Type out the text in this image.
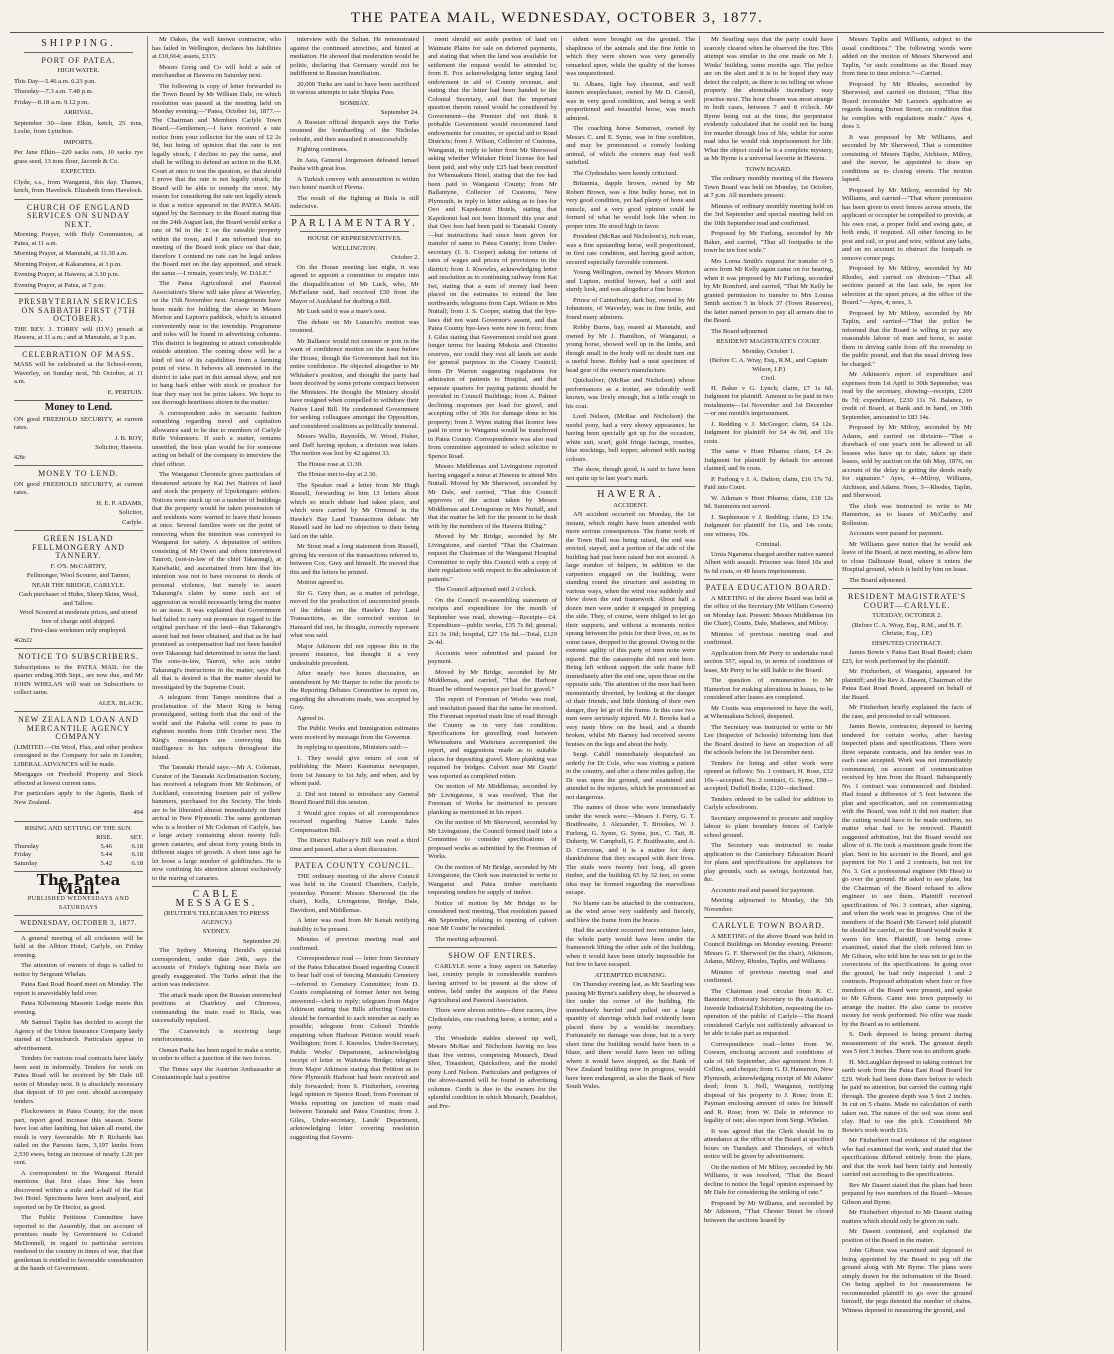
THE PATEA MAIL, WEDNESDAY, OCTOBER 3, 1877.
SHIPPING.
PORT OF PATEA.
HIGH WATER.
This Day—5.46 a.m. 6.23 p.m.
Thursday—7.3 a.m. 7.48 p.m.
Friday—8.18 a.m. 9.12 p.m.
ARRIVAL.
September 30—Jane Elkin, ketch, 25 tons, Leslie, from Lyttelton.
IMPORTS.
Per Jane Elkin—220 sacks oats, 10 sacks rye grass seed, 13 tons flour, Jacomb & Co.
EXPECTED.
Clyde, s.s., from Wanganui, this day. Thames, ketch, from Havelock. Elizabeth from Havelock.
CHURCH OF ENGLAND SERVICES ON SUNDAY NEXT.
Morning Prayer, with Holy Communion, at Patea, at 11 a.m.
Morning Prayer, at Manutahi, at 11.30 a.m.
Morning Prayer, at Kakaramea, at 3 p.m.
Evening Prayer, at Hawera, at 3.30 p.m.
Evening Prayer, at Patea, at 7 p.m.
PRESBYTERIAN SERVICES ON SABBATH FIRST (7TH OCTOBER).
THE REV. J. TORRY will (D.V.) preach at Hawera, at 11 a.m.; and at Manutahi, at 3 p.m.
CELEBRATION OF MASS.
MASS will be celebrated at the School-room, Waverley, on Sunday next, 7th October, at 11 a.m.
E. PERTUIS.
Money to Lend.
ON good FREEHOLD SECURITY, at current rates.
J. B. ROY,
Solicitor, Hawera.
428c
MONEY TO LEND.
ON good FREEHOLD SECURITY, at current rates.
H. E. P. ADAMS,
Solicitor,
Carlyle.
GREEN ISLAND FELLMONGERY AND TANNERY.
F. O'S. McCARTHY,
Fellmonger, Wool Scourer, and Tanner,
NEAR THE BRIDGE, CARLYLE.
Cash purchaser of Hides, Sheep Skins, Wool, and Tallow.
Wool Scoured at moderate prices, and stored free of charge until shipped.
First-class workmen only employed.
462n22
NOTICE TO SUBSCRIBERS.
Subscriptions to the PATEA MAIL for the quarter ending 30th Sept., are now due, and Mr JOHN WHELAN will wait on Subscribers to collect same.
ALEX. BLACK.
NEW ZEALAND LOAN AND MERCANTILE AGENCY COMPANY
(LIMITED.—On Wool, Flax, and other produce consigned to the Company for sale in London, LIBERAL ADVANCES will be made.
Mortgages on Freehold Property and Stock effected at lowest current rates.
For particulars apply to the Agents, Bank of New Zealand.
494
RISING AND SETTING OF THE SUN.
	RISE.	SET.
Thursday	5.46	6.18
Friday	5.44	6.18
Saturday	5.42	6.18
The Patea Mail.
PUBLISHED WEDNESDAYS AND SATURDAYS
WEDNESDAY, OCTOBER 3, 1877.

A general meeting of all cricketers will be held at the Albion Hotel, Carlyle, on Friday evening.

The attention of owners of dogs is called to notice by Sergeant Whelan.

Patea East Road Board meet on Monday. The report is unavoidably held over.

Patea Kilwinning Masonic Lodge meets this evening.

Mr Samuel Taplin has decided to accept the Agency of the Union Insurance Company lately started at Christchurch. Particulars appear in advertisement.

Tenders for various road contracts have lately been sent in informally. Tenders for work on Patea Road will be received by Mr Dale till noon of Monday next. It is absolutely necessary that deposit of 10 per cent. should accompany tenders.

Flockowners in Patea County, for the most part, report good increase this season. Some have lost after lambing, but taken all round, the result is very favourable. Mr P. Richards has tailed on the Parsons farm, 3,197 lambs from 2,530 ewes, being an increase of nearly 1.26 per cent.

A correspondent in the Wanganui Herald mentions that first class lime has been discovered within a mile and a-half of the Kai Iwi Hotel. Specimens have been analysed, and reported on by Dr Hector, as good.

The Public Petitions Committee have reported to the Assembly, that on account of promises made by Government to Colonel McDonnell, in regard to particular services rendered to the country in times of war, that that gentleman is entitled to favourable consideration at the hands of Government.

Mr Oakes, the well known contractor, who has failed in Wellington, declares his liabilities at £10,664; assets, £315.

Messrs Greig and Co will hold a sale of merchandise at Hawera on Saturday next.

The following is copy of letter forwarded to the Town Board by Mr William Dale, on which resolution was passed at the meeting held on Monday evening:—"Patea, October 1st, 1877.—The Chairman and Members Carlyle Town Board.—Gentlemen,—I have received a rate notice from your collector for the sum of £2 2s 9d, but being of opinion that the rate is not legally struck, I decline to pay the same, and shall be willing to defend an action in the R.M. Court at once to test the question, so that should I prove that the rate is not legally struck, the Board will be able to remedy the error. My reason for considering the rate not legally struck is that a notice appeared in the PATEA MAIL signed by the Secretary to the Board stating that on the 24th August last, the Board would strike a rate of 9d in the £ on the rateable property within the town, and I am informed that no meeting of the Board took place on that date, therefore I contend no rate can be legal unless the Board met on the day appointed, and struck the same.—I remain, yours truly, W. DALE."

The Patea Agricultural and Pastoral Association's Show will take place at Waverley, on the 15th November next. Arrangements have been made for holding the show in Messrs Morton and Lupton's paddock, which is situated conveniently near to the township. Programme and rules will be found in advertising columns. This district is beginning to attract considerable outside attention. The coming show will be a kind of test of its capabilities from a farming point of view. It behoves all interested in the district to take part in this annual show, and not to hang back either with stock or produce for fear they may not be prize takers. We hope to see thorough heartiness shown in the matter.

A correspondent asks in sarcastic fashion something regarding travel and capitation allowance said to be due to members of Carlyle Rifle Volunteers. If such a matter, remains unsettled, the best plan would be for someone acting on behalf of the company to interview the chief officer.

The Wanganui Chronicle gives particulars of threatened seizure by Kai Iwi Natives of land and stock the property of Upokongaro settlers. Notices were stuck up on a number of buildings that the property would be taken possession of and residents were warned to leave their houses at once. Several families were on the point of removing when the intention was conveyed to Wanganui for safety. A deputation of settlers consisting of Mr Owen and others interviewed Tauroti, (son-in-law of the chief Takarangi), at Kaiwhaiki, and ascertained from him that his intention was not to have recourse to deeds of personal violence, but merely to assert Takarangi's claim by some such act of aggression as would necessarily bring the matter to an issue. It was explained that Government had failed to carry out promises in regard to the original purchase of the land—that Takarangi's assent had not been obtained, and that as he had promised as compensation had not been handed over Takarangi had determined to seize the land. The sons-in-law, Tauroti, who acts under Takarangi's instructions in the matter, says that all that is desired is that the matter should be investigated by the Supreme Court.

A telegram from Tampo mentions that a proclamation of the Maori King is being promulgated, setting forth that the end of the world and the Pakeha will come to pass in eighteen months from 10th October next. The King's messengers are conveying this intelligence to his subjects throughout the Island.

The Taranaki Herald says:—Mr A. Coleman, Curator of the Taranaki Acclimatisation Society, has received a telegram from Mr Robinson, of Auckland, concerning fourteen pair of yellow hammers, purchased for the Society. The birds are to be liberated almost immediately on their arrival in New Plymouth. The same gentleman who is a brother of Mr Coleman of Carlyle, has a large aviary containing about twenty full-grown canaries, and about forty young birds in different stages of growth. A short time ago he let loose a large number of goldfinches. He is now confining his attention almost exclusively to the rearing of canaries.

CABLE MESSAGES.
(REUTER'S TELEGRAMS TO PRESS AGENCY.)
SYDNEY.
September 29.

The Sydney Morning Herald's special correspondent, under date 24th, says the accounts of Friday's fighting near Biela are greatly exaggerated. The Turks admit that the action was indecisive.

The attack made upon the Russian entrenched positions at Chairkioy and Chirnova, commanding the main road to Biela, was successfully repulsed.

The Czarewitch is receiving large reinforcements.

Osman Pasha has been urged to make a sortie, in order to effect a junction of the two forces.

The Times says the Austrian Ambassador at Constantinople had a positive

interview with the Sultan. He remonstrated against the continued atrocities, and hinted at mediation. He showed that moderation would be politic, declaring that Germany would not be indifferent to Russian humiliation.

20,000 Turks are said to have been sacrificed in various attempts to take Shipka Pass.

BOMBAY.
September 24.

A Russian official despatch says the Turks resumed the bombarding of the Nicholas redoubt, and then assaulted it unsuccessfully.

Fighting continues.

In Asia, General Jorgenssen defeated Ismael Pasha with great loss.

A Turkish convoy with ammunition is within two hours' march of Plevna.

The result of the fighting at Biela is still indecisive.

PARLIAMENTARY.
HOUSE OF REPRESENTATIVES.
WELLINGTON.
October 2.

On the House meeting last night, it was agreed to appoint a committee to enquire into the disqualification of Mr Luck, who, Mr McFarlane said, had received £50 from the Mayor of Auckland for drafting a Bill.

Mr Lusk said it was a mare's nest.

The debate on Mr Lunarch's motion was resumed.

Mr Ballance would not censure or join in the want of confidence motion on the issue before the House, though the Government had not his entire confidence. He objected altogether to Mr Whitaker's position, and thought the party had been deceived by some private compact between the Ministers. He thought the Ministry should have resigned when compelled to withdraw their Native Land Bill. He condemned Government for seeking colleagues amongst the Opposition, and considered coalitions as politically immoral.

Messrs Wallis, Reynolds, W. Wood, Fisher, and Daff having spoken, a division was taken. The motion was lost by 42 against 33.

The House rose at 11.30.

The House met to-day at 2.30.

The Speaker read a letter from Mr Hugh Russell, forwarding to him 13 letters about which so much debate had taken place, and which were carried by Mr Ormond in the Hawke's Bay Land Transactions debate. Mr Russell said he had no objection to their being laid on the table.

Mr Stout read a long statement from Russell, giving his version of the transactions referred to, between Cox, Grey and himself. He moved that this and the letters be printed.

Motion agreed to.

Sir G. Grey then, as a matter of privilege, moved for the production of uncorrected proofs of the debate on the Hawke's Bay Land Transactions, as the corrected version in Hansard did not, he thought, correctly represent what was said.

Major Atkinson did not oppose this in the present instance, but thought it a very undesirable precedent.

After nearly two hours discussion, an amendment by Mr Harper to refer the proofs to the Reporting Debates Committee to report on, regarding the alterations made, was accepted by Grey.

Agreed to.

The Public Works and Immigration estimates were received by message from the Governor.

In replying to questions, Ministers said:—

1. They would give return of cost of publishing the Maori Kaumatua newspaper, from 1st January to 1st July, and when, and by whom paid.

2. Did not intend to introduce any General Board Board Bill this session.

3 Would give copies of all correspondence received regarding Native Lands Sales Compensation Bill.

The District Railway's Bill was read a third time and passed, after a short discussion.

PATEA COUNTY COUNCIL.

THE ordinary meeting of the above Council was held in the Council Chambers, Carlyle, yesterday. Present: Messrs Sherwood (in the chair), Kells, Livingstone, Bridge, Dale, Davidson, and Middlemas.

A letter was read from Mr Kenah notifying inability to be present.

Minutes of previous meeting read and confirmed.

Correspondence read — letter from Secretary of the Patea Education Board regarding Council to bear half cost of fencing Manutahi Cemetery—referred to Cemetery Committee; from D. Coutts complaining of former letter not being answered—clerk to reply; telegram from Major Atkinson stating that Bills affecting Counties should be forwarded to each member as early as possible; telegram from Colonel Trimble enquiring when Harbour Petition would reach Wellington; from J. Knowles, Under-Secretary, Public Works' Department, acknowledging receipt of letter re Waitotara Bridge; telegram from Major Atkinson stating that Petition as to New Plymouth Harbour had been received and duly forwarded; from S. Fitzherbert, covering legal opinion re Spence Road; from Foreman of Works reporting on junction of main road between Taranaki and Patea Counties; from J. Giles, Under-secretary, Lands' Department, acknowledging letter covering resolution suggesting that Govern-

ment should set aside portion of land on Waimate Plains for sale on deferred payments, and stating that when the land was available for settlement the request would be attended to; from E. Fox acknowledging letter urging land endowment in aid of County revenue, and stating that the letter had been handed to the Colonial Secretary, and that the important question therein raised would be considered by Government—the Premier did not think it probable Government would recommend land endowments for counties, or special aid to Road Districts; from J. Wilson, Collector of Customs, Wanganui, in reply to letter from Mr Sherwood asking whether Whitaker Hotel license fee had been paid, and why only £25 had been remitted for Whenuakura Hotel, stating that the fee had been paid to Wanganui County; from Mr Ballantyne, Collector of Customs, New Plymouth, in reply to letter asking as to fees for Oeo and Kapokonui Hotels, stating that Kapokonui had not been licensed this year and that Oeo fees had been paid to Taranaki County—but instructions had since been given for transfer of same to Patea County; from Under-secretary (J. S. Cooper) asking for returns of rates of wages and prices of provisions in the district; from J. Knowles, acknowledging letter and resolution as to continuing railway from Kai Iwi, stating that a sum of money had been placed on the estimates to extend the line northwards; telegrams from Capt. Wilson re Mrs Nuttall; from J. S. Cooper, stating that the bye-laws did not want Governor's assent, and that Patea County bye-laws were now in force; from J. Giles stating that Government could not grant longer terms for leasing Mokoia and Otoreito reserves, nor could they vest all lands set aside for general purposes in the County Council; from Dr Warren suggesting regulations for admission of patients to Hospital, and that separate quarters for paying patients should be provided in Council Buildings; from A. Palmer declining responses per load for gravel, and accepting offer of 30s for damage done to his property; from J. Wynn stating that licence fees paid in error to Wanganui would be transferred to Patea County. Correspondence was also read from committee appointed to select solicitor re Spence Road.

Messrs Middlemas and Livingstone reported having engaged a nurse at Hawera to attend Mrs Nuttall. Moved by Mr Sherwood, seconded by Mr Dale, and carried, "That this Council approves of the action taken by Messrs Middlemas and Livingstone re Mrs Nuttall, and that the matter be left for the present to be dealt with by the members of the Hawera Riding."

Moved by Mr Bridge, seconded by Mr Livingstone, and carried "That the Chairman request the Chairman of the Wanganui Hospital Committee to reply this Council with a copy of their regulations with respect to the admission of patients."

The Council adjourned until 2 o'clock.

On the Council re-assembling statement of receipts and expenditure for the month of September was read, showing:—Receipts—£4. Expenditure—public works, £35 7s 8d; general, £21 3s 10d; hospital, £27 15s 8d.—Total, £129 2s 4d.

Accounts were submitted and passed for payment.

Moved by Mr Bridge, seconded by Mr Middlemas, and carried, "That the Harbour Board be offered twopence per load for gravel."

The report of Foreman of Works was read, and resolution passed that the same be received. The Foreman reported main line of road through the County as in very fair condition. Specifications for gravelling road between Whenuakura and Waitotara accompanied the report, and suggestions made as to suitable places for depositing gravel. More planking was required for bridges. Culvert near Mr Coutts' was reported as completed rotten.

On motion of Mr Middlemas, seconded by Mr Livingstone, it was resolved, That the Foreman of Works be instructed to procure planking as mentioned in his report.

On the motion of Mr Sherwood, seconded by Mr Livingstone, the Council formed itself into a Committee to consider specifications of proposed works as submitted by the Foreman of Works.

On the motion of Mr Bridge, seconded by Mr Livingstone, the Clerk was instructed to write to Wanganui and Patea timber merchants requesting tenders for supply of timber.

Notice of motion by Mr Bridge to be considered next meeting, That resolution passed 4th September, relating to opening of culvert near Mr Coutts' be rescinded.

The meeting adjourned.

SHOW OF ENTIRES.

CARLYLE wore a busy aspect on Saturday last, country people in considerable numbers having arrived to be present at the show of entires, held under the auspices of the Patea Agricultural and Pastoral Association.

There were eleven entries—three racers, five Clydesdales, one coaching horse, a trotter, and a pony.

The Woodside stables showed up well, Messrs McRae and Nicholson having no less than five entries, comprising Monarch, Dead Shot, Treasident, Quicksilver, and the model pony Lord Nelson. Particulars and pedigrees of the above-named will be found in advertising columns. Credit is due to the owners for the splendid condition in which Monarch, Deadshot, and Pre-

sident were brought on the ground. The shapliness of the animals and the fine fettle in which they were shown was very generally remarked upon, while the quality of the horses was unquestioned.

St. Albans, light bay chestnut, and well known steeplechaser, owned by Mr D. Carroll, was in very good condition, and being a well proportioned and beautiful horse, was much admired.

The coaching horse Somerset, owned by Messrs C. and E. Syme, was in fine condition, and may be pronounced a comely looking animal, of which the owners may feel well satisfied.

The Clydesdales were keenly criticised.

Britannia, dapple brown, owned by Mr Robert Brown, was a fine bulky horse, not in very good condition, yet had plenty of bone and muscle, and a very good opinion could be formed of what he would look like when in proper trim. He stood high in favor.

President (McRae and Nicholson's), rich roan, was a fine upstanding horse, well proportioned, in first rate condition, and having good action, secured especially favorable comment.

Young Wellington, owned by Messrs Morton and Lupton, mottled brown, had a stiff and sturdy look, and was altogether a fine horse.

Prince of Canterbury, dark bay, owned by Mr Johnstone, of Waverley, was in fine fettle, and found many admirers.

Robby Burns, bay, reared at Manutahi, and owned by Mr J. Hamilton, of Wanganui, a young horse, showed well up in the limbs, and though small in the body will no doubt turn out a useful horse. Bobby had a neat specimen of head gear of the owner's manufacture.

Quicksilver, (McRae and Nicholson) whose performances as a trotter, are tolerably well known, was lively enough, but a little rough in his coat.

Lord Nelson, (McRae and Nicholson) the model pony, had a very showy appearance, he having been specially got up for the occasion, white suit, scarf, gold fringe facings, rosettes, blue stockings, bell topper, adorned with racing colours.

The show, though good, is said to have been not quite up to last year's mark.

HAWERA.
ACCIDENT.

AN accident occurred on Monday, the 1st instant, which might have been attended with more serious consequences. The frame work of the Town Hall was being raised, the end was erected, stayed, and a portion of the side of the building had just been raised but not secured. A large number of helpers, in addition to the carpenters engaged on the building, were standing round the structure and assisting in various ways, when the wind rose suddenly and blew down the end framework. About half a dozen men were under it engaged in propping the side. They, of course, were obliged to let go their supports, and without a moments notice sprang between the joists for their lives, or, as in some cases, dropped to the ground. Owing to the extreme agility of this party of men none were injured. But the catastrophe did not end here. Being left without support the side frame fell immediately after the end one, upon those on the opposite side. The attention of the men had been momentarily diverted, by looking at the danger of their friends, and little thinking of their own danger, they let go of the frame. In this case two men were seriously injured. Mr J. Brooks had a very nasty blow on the head, and a thumb broken, whilst Mr Barney had received severe bruises on the legs and about the body.

Sergt. Cahill immediately despatched an orderly for Dr Cole, who was visiting a patient in the country, and after a three miles gallop, the Dr was upon the ground, and examined and attended to the injuries, which he pronounced as not dangerous.

The names of those who were immediately under the wreck were:—Messrs J. Ferry, G. T. Braithwaite, J. Alexander, T. Brookes, W. J. Furlong, G. Syme, G. Syme, jun., C. Tait, B. Doherty, W. Campbell, G. F. Braithwaite, and A. D. Corcoran, and it is a matter for deep thankfulness that they escaped with their lives. The studs were twenty feet long, all green timber, and the building 65 by 32 feet, so some idea may be formed regarding the marvellous escape.

No blame can be attached to the contractors, as the wind arose very suddenly and fiercely, and blew the frame from the braces.

Had the accident occurred two minutes later, the whole party would have been under the framework lifting the other side of the building, when it would have been utterly impossible for but few to have escaped.

ATTEMPTED BURNING.

On Thursday evening last, as Mr Searling was passing Mr Byrne's saddlery shop, he observed a fire under the corner of the building. He immediately hurried and pulled out a large quantity of shavings which had evidently been placed there by a would-be incendiary. Fortunately no damage was done, but in a very short time the building would have been in a blaze, and there would have been no telling where it would have stopped, as the Bank of New Zealand building now in progress, would have been endangered, as also the Bank of New South Wales.

Mr Searling says that the party could have scarcely cleared when he observed the fire. This attempt was similar to the one made on Mr J. Winks' building, some months ago. The police are on the alert and it is to be hoped they may detect the culprit, as there is no telling on whose property the abominable incendiary may practise next. The hour chosen was most strange in both cases, between 7 and 8 o'clock. Mr Byrne being out at the time, the perpetrator evidently calculated that he could not be hung for murder through loss of life, whilst for some mad idea he would risk imprisonment for life. What the object could be is a complete mystery, as Mr Byrne is a universal favorite in Hawera.

TOWN BOARD.

The ordinary monthly meeting of the Hawera Town Board was held on Monday, 1st October, at 7 p.m. All members present.

Minutes of ordinary monthly meeting held on the 3rd September and special meeting held on the 10th September read and confirmed.

Proposed by Mr Furlong, seconded by Mr Baker, and carried, "That all footpaths in the town be ten foot wide."

Mrs Lorna Smith's request for transfer of 5 acres from Mr Kelly again came on for hearing, when it was proposed by Mr Furlong, seconded by Mr Romford, and carried, "That Mr Kelly be granted permission to transfer to Mrs Louisa Smith section 5 in block 37 (Town Reserves), the latter named person to pay all arrears due to the Board.

The Board adjourned.

RESIDENT MAGISTRATE'S COURT.
Monday, October 1.
(Before C. A. Wray, Esq., R.M., and Captain Wilson, J.P.)
Civil.

H. Baker v G. Lynch; claim, £7 1s 6d. Judgment for plaintiff. Amount to be paid in two instalments—1st November and 1st December—or one month's imprisonment.

J. Redding v J. McGregor; claim, £4 12s. Judgment for plaintiff for £4 4s 9d, and 11s costs.

The same v Honi Pihama; claim, £4 2s. Judgment for plaintiff by default for amount claimed, and 9s costs.

P. Furlong v J. A. Dalton; claim, £16 17s 7d. Paid into Court.

W. Aikman v Honi Pihama; claim, £18 12s 9d. Summons not served.

J. Stephenson v J. Redding; claim, £3 15s. Judgment for plaintiff for 11s, and 14s costs; one witness, 10s.

Criminal.

Urnia Ngaruma charged another native named Albert with assault. Prisoner was fined 10s and 9s 6d costs, or 48 hours imprisonment.

PATEA EDUCATION BOARD.

A MEETING of the above Board was held at the office of the Secretary (Mr William Cowern) on Monday last. Present: Messrs Middlemas (in the Chair), Coutts, Dale, Mathews, and Milroy.

Minutes of previous meeting read and confirmed.

Application from Mr Perry to undertake rural section 557, equal to, in terms of conditions of lease, Mr Perry to be still liable to the Board.

The question of remuneration to Mr Hamerton for making alterations in leases, to be considered after leases are completed.

Mr Coutts was empowered to have the well, at Whenuakura School, deepened.

The Secretary was instructed to write to Mr Lee (Inspector of Schools) informing him that the Board desired to have an inspection of all the schools before the 1st December next.

Tenders for lining and other work were opened as follows: No. 1 contract, H. Rose, £32 10s—accepted. No. 2 contract, G. Syme, £98—accepted; Duffell Bodie, £120—declined.

Tenders ordered to be called for addition to Carlyle schoolroom.

Secretary empowered to procure and employ labour to plant boundary fences of Carlyle school ground.

The Secretary was instructed to make application to the Canterbury Education Board for plans and specifications for appliances for play grounds, such as swings, horizontal bar, &c.

Accounts read and passed for payment.

Meeting adjourned to Monday, the 5th November.

CARLYLE TOWN BOARD.

A MEETING of the above Board was held in Council Buildings on Monday evening. Present: Messrs G. F. Sherwood (in the chair), Atkinson, Adams, Milroy, Rhodes, Taplin, and Williams.

Minutes of previous meeting read and confirmed.

The Chairman read circular from R. C. Bannister, Honorary Secretary to the Australian Juvenile Industrial Exhibition, requesting the co-operation of the public of Carlyle—The Board considered Carlyle not sufficiently advanced to be able to take part as requested.

Correspondence read—letter from W. Cowern, enclosing account and conditions of sale of 6th September, also agreement from J. Collins, and cheque; from G. D. Hamerton, New Plymouth, acknowledging receipt of Mr Adams' deed; from S. Nell, Wanganui, notifying disposal of his property to J. Rose; from E. Payman enclosing amount of rates for himself and R. Rose; from W. Dale in reference to legality of rate; also report from Sergt. Whelan.

It was agreed that the Clerk should be in attendance at the office of the Board at specified hours on Tuesdays and Thursdays, of which notice will be given by advertisement.

On the motion of Mr Milroy, seconded by Mr Williams, it was resolved, "That the Board decline to notice the 'legal' opinion expressed by Mr Dale for considering the striking of rate."

Proposed by Mr Williams, and seconded by Mr Atkinson, "That Chester Street be closed between the sections leased by

Messrs Taplin and Williams, subject to the usual conditions." The following words were added on the motion of Messrs Sherwood and Taplin, "or such conditions as the Board may from time to time enforce."—Carried.

Proposed by Mr Rhodes, seconded by Sherwood, and carried on division, "That this Board reconsider Mr Larsen's application as regards leasing Dorset Street, on condition that he complies with regulations made." Ayes 4, does 3.

It was proposed by Mr Williams, and seconded by Mr Sherwood, That a committee consisting of Messrs Taplin, Atchison, Milroy, and the mover, be appointed to draw up conditions as to closing streets. The motion lapsed.

Proposed by Mr Milroy, seconded by Mr Williams, and carried—"That where permission has been given to erect fences across streets, the applicant or occupier be compelled to provide, at his own cost, a proper field and swing gate, at both ends, if required. All other fencing to be post and rail, or post and wire, without any laths, and on no account to obstruct the footpath or remove corner pegs.

Proposed by Mr Milroy, seconded by Mr Rhodes, and carried on division—"That all sections passed at the last sale, be open for selection at the upset prices, at the office of the Board."—Ayes, 4; noes, 3.

Proposed by Mr Milroy, seconded by Mr Taplin, and carried—"That the police be informed that the Board is willing to pay any reasonable labour of man and horse, to assist them in driving cattle from off the township to the public pound, and that the usual driving fees be charged."

Mr Atkinson's report of expenditure and expenses from 1st April to 30th September, was read by the secretary, showing—receipts, £209 8s 7d; expenditure, £230 11s 7d. Balance, to credit of Board, at Bank and in hand, on 30th September, amounted to £83 14s.

Proposed by Mr Milroy, seconded by Mr Adams, and carried on division—"That a drawback of one year's rent be allowed to all lessees who have up to date, taken up their leases, sold by auction on the 6th May, 1876, on account of the delay in getting the deeds ready for signature." Ayes, 4—Milroy, Williams, Atchison, and Adams. Noes, 3—Rhodes, Taplin, and Sherwood.

The clerk was instructed to write to Mr Hamerton, as to leases of McCarthy and Rolleston.

Accounts were passed for payment.

Mr Williams gave notice that he would ask leave of the Board, at next meeting, to allow him to close Dalhousie Road, where it enters the Hospital ground, which is held by him on lease.

The Board adjourned.

RESIDENT MAGISTRATE'S COURT—CARLYLE.
TUESDAY, OCTOBER 2.
(Before C. A. Wray, Esq., R.M., and H. F. Christie, Esq., J.P.)
DISPUTED CONTRACT.

James Bowie v Patea East Road Board; claim £25, for work performed by the plaintiff.

Mr Fitzherbert, of Wanganui, appeared for plaintiff; and the Rev A. Dasent, Chairman of the Patea East Road Board, appeared on behalf of the Board.

Mr Fitzherbert briefly explained the facts of the case, and proceeded to call witnesses.

James Bowie, contractor, deposed to having tendered for certain works, after having inspected plans and specifications. There were three separate contracts, and his tender was in each case accepted. Work was not immediately commenced, on account of communication received by him from the Board. Subsequently No. 1 contract was commenced and finished. Had found a difference of 5 feet between the plan and specification, and on communicating with the Board, was told it did not matter; that the cutting would have to be made uniform, no matter what had to be removed. Plaintiff suggested arbitration, but the Board would not allow of it. He took a maximum grade from the plan. Sent in his account to the Board, and got payment for No 1 and 2 contracts, but not for No. 3. Got a professional engineer (Mr Hess) to go over the ground. He asked to see plans, but the Chairman of the Board refused to allow engineer to see them. Plaintiff received specifications of No. 3 contract, after signing, and when the work was in progress. One of the members of the Board (Mr Gower) told plaintiff he should be careful, or the Board would make it warm for him. Plaintiff, on being cross-examined, stated that the clerk referred him to Mr Gibson, who told him he was not to go to the corrections of the specifications. In going over the ground, he had only inspected 1 and 2 contracts. Proposed arbitration when four or five members of the Board were present, and spoke to Mr Gibson. Came into town purposely to arrange the matter. He also came to receive money for work performed. No offer was made by the Board as to settlement.

S. Dark deposed to being present during measurement of the work. The greatest depth was 5 feet 3 inches. There was no uniform grade.

H. McLaughlan deposed to taking contract for earth work from the Patea East Road Board for £29. Work had been done there before to which he paid no attention, but carried the cutting right through. The greatest depth was 5 feet 2 inches. In cut on 5 chains. Made no calculation of earth taken out. The nature of the soil was stone and clay. Had to use the pick. Considered Mr Bowie's work worth £16.

Mr Fitzherbert read evidence of the engineer who had examined the work, and stated that the specifications differed entirely from the plans, and that the work had been fairly and honestly carried out according to the specifications.

Rev Mr Dasent stated that the plans had been prepared by two members of the Board—Messrs Gibson and Byrne.

Mr Fitzherbert objected to Mr Dasent stating matters which should only be given on oath.

Mr Dasent continued, and explained the position of the Board in the matter.

John Gibson was examined and deposed to being appointed by the Board to peg off the ground along with Mr Byrne. The plans were simply drawn for the information of the Board. On being applied to for measurements he recommended plaintiff to go over the ground himself, the pegs denoted the number of chains. Witness deposed to measuring the ground, and
